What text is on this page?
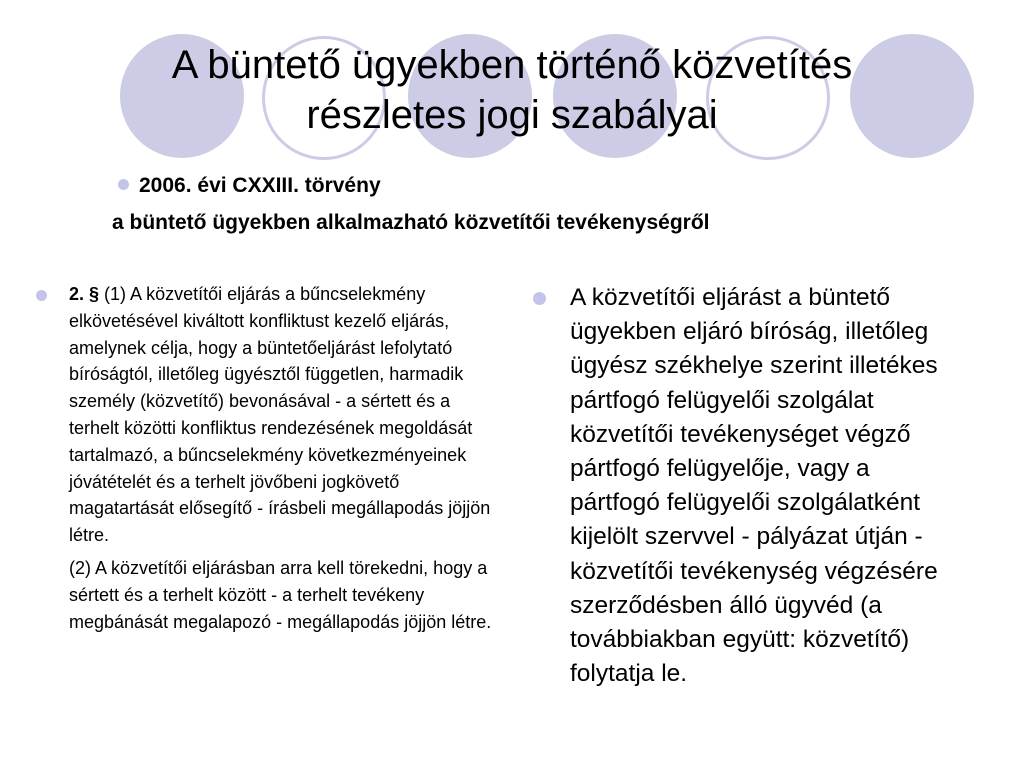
A büntető ügyekben történő közvetítés
részletes jogi szabályai
2006. évi CXXIII. törvény
a büntető ügyekben alkalmazható közvetítői tevékenységről
2. § (1) A közvetítői eljárás a bűncselekmény elkövetésével kiváltott konfliktust kezelő eljárás, amelynek célja, hogy a büntetőeljárást lefolytató bíróságtól, illetőleg ügyésztől független, harmadik személy (közvetítő) bevonásával - a sértett és a terhelt közötti konfliktus rendezésének megoldását tartalmazó, a bűncselekmény következményeinek jóvátételét és a terhelt jövőbeni jogkövető magatartását elősegítő - írásbeli megállapodás jöjjön létre.
(2) A közvetítői eljárásban arra kell törekedni, hogy a sértett és a terhelt között - a terhelt tevékeny megbánását megalapozó - megállapodás jöjjön létre.
A közvetítői eljárást a büntető ügyekben eljáró bíróság, illetőleg ügyész székhelye szerint illetékes pártfogó felügyelői szolgálat közvetítői tevékenységet végző pártfogó felügyelője, vagy a pártfogó felügyelői szolgálatként kijelölt szervvel - pályázat útján - közvetítői tevékenység végzésére szerződésben álló ügyvéd (a továbbiakban együtt: közvetítő) folytatja le.
